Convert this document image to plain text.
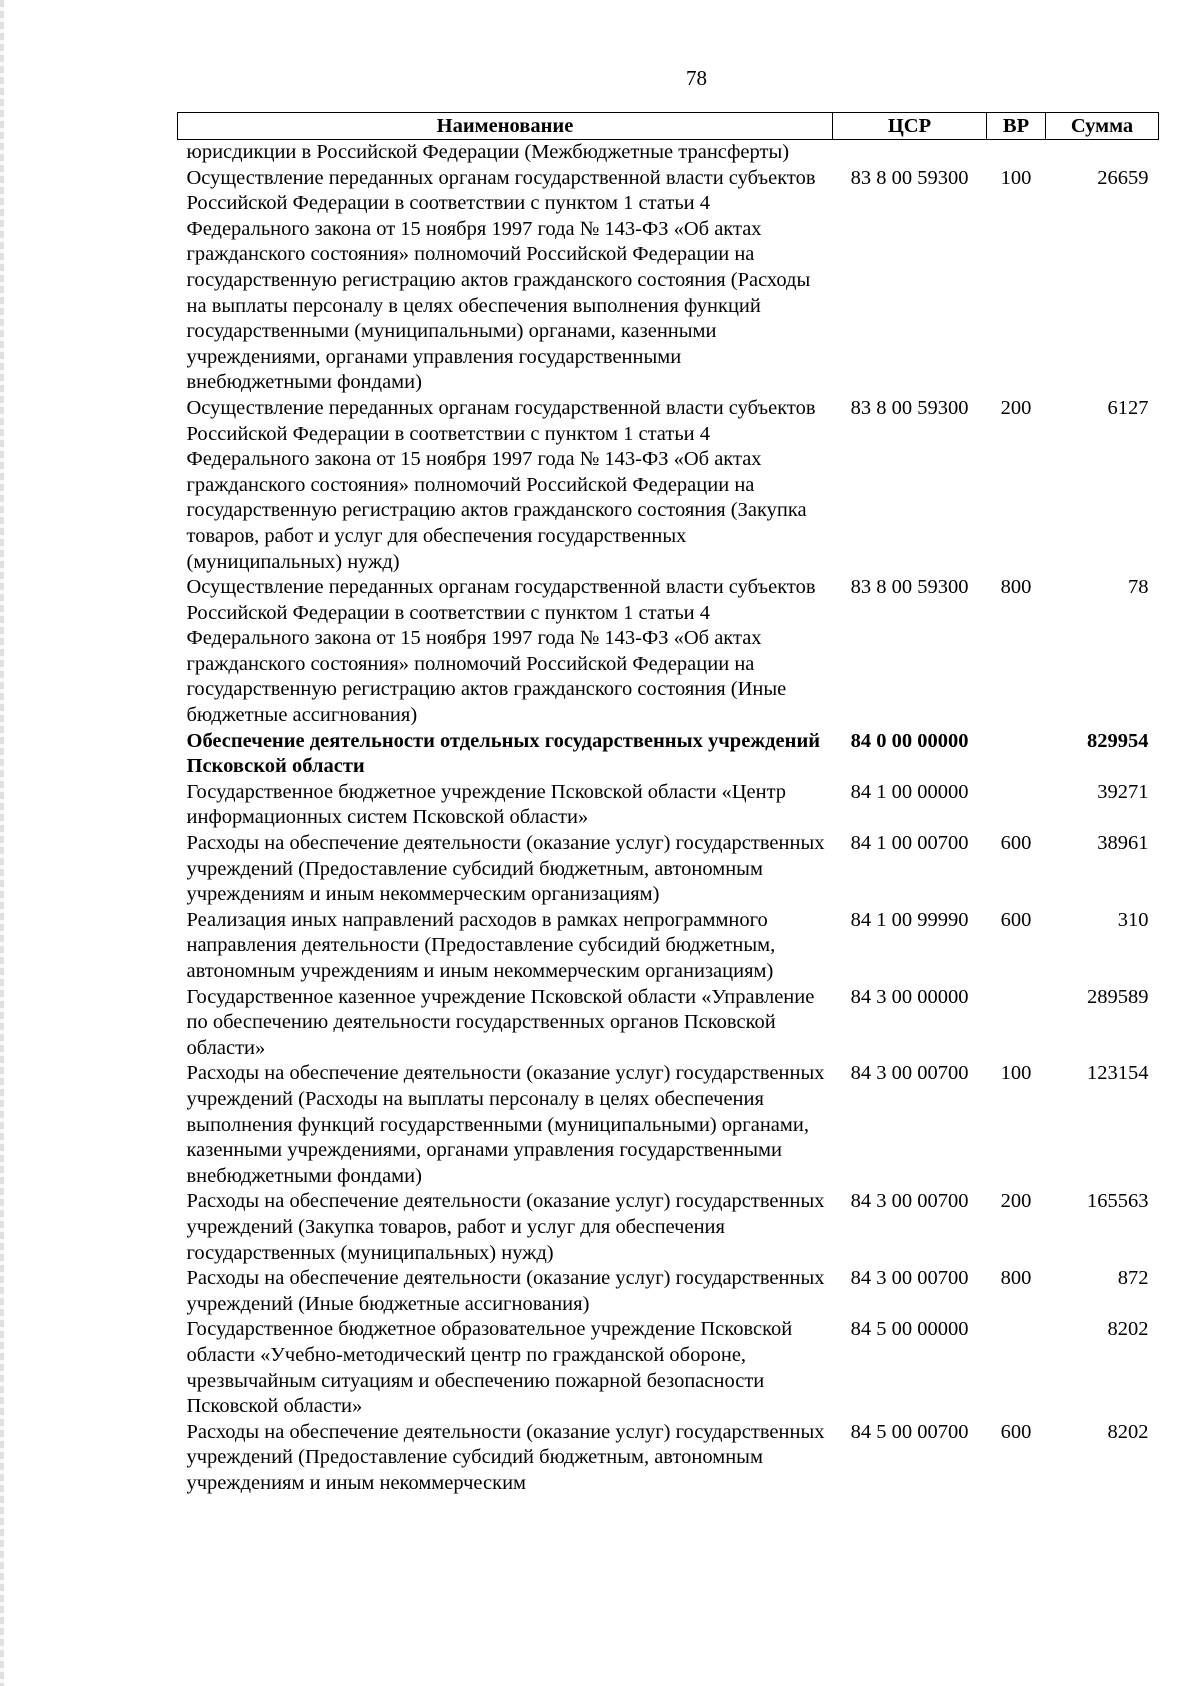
78
Наименование	ЦСР	ВР	Сумма
юрисдикции в Российской Федерации (Межбюджетные трансферты)			
Осуществление переданных органам государственной власти субъектов Российской Федерации в соответствии с пунктом 1 статьи 4 Федерального закона от 15 ноября 1997 года № 143-ФЗ «Об актах гражданского состояния» полномочий Российской Федерации на государственную регистрацию актов гражданского состояния (Расходы на выплаты персоналу в целях обеспечения выполнения функций государственными (муниципальными) органами, казенными учреждениями, органами управления государственными внебюджетными фондами)	83 8 00 59300	100	26659
Осуществление переданных органам государственной власти субъектов Российской Федерации в соответствии с пунктом 1 статьи 4 Федерального закона от 15 ноября 1997 года № 143-ФЗ «Об актах гражданского состояния» полномочий Российской Федерации на государственную регистрацию актов гражданского состояния (Закупка товаров, работ и услуг для обеспечения государственных (муниципальных) нужд)	83 8 00 59300	200	6127
Осуществление переданных органам государственной власти субъектов Российской Федерации в соответствии с пунктом 1 статьи 4 Федерального закона от 15 ноября 1997 года № 143-ФЗ «Об актах гражданского состояния» полномочий Российской Федерации на государственную регистрацию актов гражданского состояния (Иные бюджетные ассигнования)	83 8 00 59300	800	78
Обеспечение деятельности отдельных государственных учреждений Псковской области	84 0 00 00000		829954
Государственное бюджетное учреждение Псковской области «Центр информационных систем Псковской области»	84 1 00 00000		39271
Расходы на обеспечение деятельности (оказание услуг) государственных учреждений (Предоставление субсидий бюджетным, автономным учреждениям и иным некоммерческим организациям)	84 1 00 00700	600	38961
Реализация иных направлений расходов в рамках непрограммного направления деятельности (Предоставление субсидий бюджетным, автономным учреждениям и иным некоммерческим организациям)	84 1 00 99990	600	310
Государственное казенное учреждение Псковской области «Управление по обеспечению деятельности государственных органов Псковской области»	84 3 00 00000		289589
Расходы на обеспечение деятельности (оказание услуг) государственных учреждений (Расходы на выплаты персоналу в целях обеспечения выполнения функций государственными (муниципальными) органами, казенными учреждениями, органами управления государственными внебюджетными фондами)	84 3 00 00700	100	123154
Расходы на обеспечение деятельности (оказание услуг) государственных учреждений (Закупка товаров, работ и услуг для обеспечения государственных (муниципальных) нужд)	84 3 00 00700	200	165563
Расходы на обеспечение деятельности (оказание услуг) государственных учреждений (Иные бюджетные ассигнования)	84 3 00 00700	800	872
Государственное бюджетное образовательное учреждение Псковской области «Учебно-методический центр по гражданской обороне, чрезвычайным ситуациям и обеспечению пожарной безопасности Псковской области»	84 5 00 00000		8202
Расходы на обеспечение деятельности (оказание услуг) государственных учреждений (Предоставление субсидий бюджетным, автономным учреждениям и иным некоммерческим	84 5 00 00700	600	8202
